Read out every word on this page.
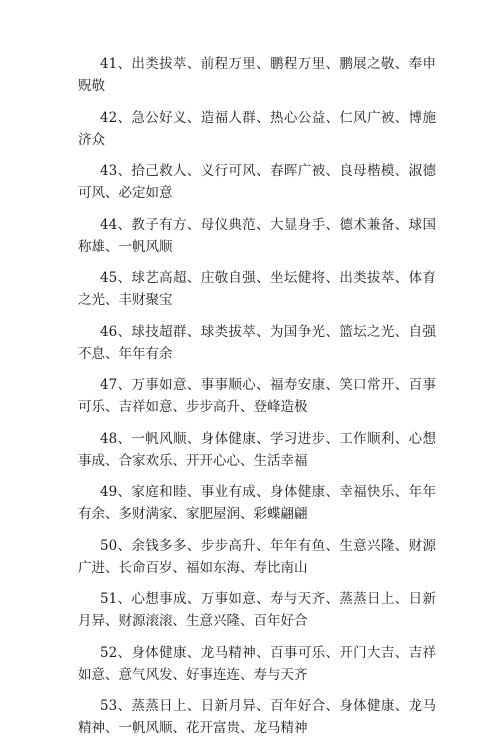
41、出类拔萃、前程万里、鹏程万里、鹏展之敬、奉申贶敬
42、急公好义、造福人群、热心公益、仁风广被、博施济众
43、拾己救人、义行可风、春晖广被、良母楷模、淑德可风、必定如意
44、教子有方、母仪典范、大显身手、德术兼备、球国称雄、一帆风顺
45、球艺高超、庄敬自强、坐坛健将、出类拔萃、体育之光、丰财聚宝
46、球技超群、球类拔萃、为国争光、篮坛之光、自强不息、年年有余
47、万事如意、事事顺心、福寿安康、笑口常开、百事可乐、吉祥如意、步步高升、登峰造极
48、一帆风顺、身体健康、学习进步、工作顺利、心想事成、合家欢乐、开开心心、生活幸福
49、家庭和睦、事业有成、身体健康、幸福快乐、年年有余、多财满家、家肥屋润、彩蝶翩翩
50、余钱多多、步步高升、年年有鱼、生意兴隆、财源广进、长命百岁、福如东海、寿比南山
51、心想事成、万事如意、寿与天齐、蒸蒸日上、日新月异、财源滚滚、生意兴隆、百年好合
52、身体健康、龙马精神、百事可乐、开门大吉、吉祥如意、意气风发、好事连连、寿与天齐
53、蒸蒸日上、日新月异、百年好合、身体健康、龙马精神、一帆风顺、花开富贵、龙马精神
